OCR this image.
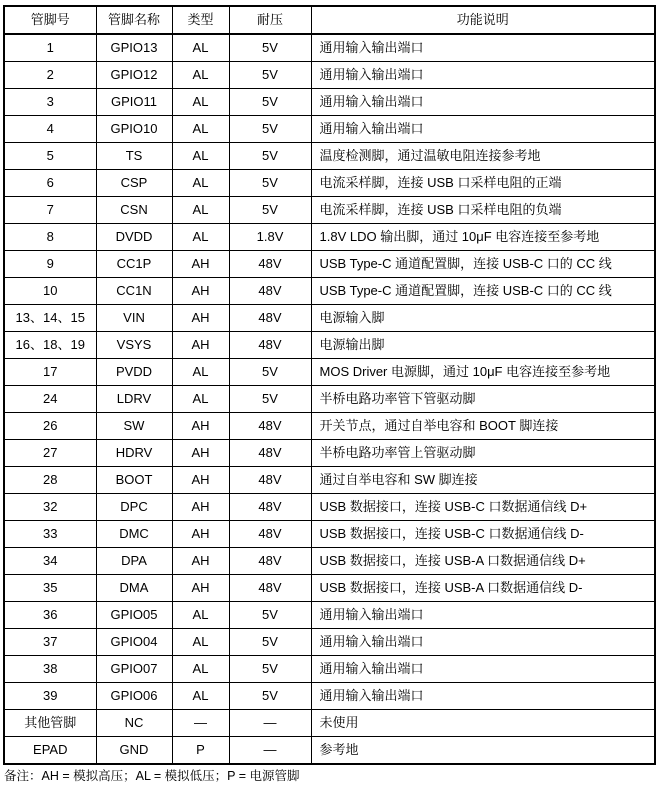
管脚号	管脚名称	类型	耐压	功能说明
1	GPIO13	AL	5V	通用输入输出端口
2	GPIO12	AL	5V	通用输入输出端口
3	GPIO11	AL	5V	通用输入输出端口
4	GPIO10	AL	5V	通用输入输出端口
5	TS	AL	5V	温度检测脚，通过温敏电阻连接参考地
6	CSP	AL	5V	电流采样脚，连接 USB 口采样电阻的正端
7	CSN	AL	5V	电流采样脚，连接 USB 口采样电阻的负端
8	DVDD	AL	1.8V	1.8V LDO 输出脚，通过 10μF 电容连接至参考地
9	CC1P	AH	48V	USB Type-C 通道配置脚，连接 USB-C 口的 CC 线
10	CC1N	AH	48V	USB Type-C 通道配置脚，连接 USB-C 口的 CC 线
13、14、15	VIN	AH	48V	电源输入脚
16、18、19	VSYS	AH	48V	电源输出脚
17	PVDD	AL	5V	MOS Driver 电源脚，通过 10μF 电容连接至参考地
24	LDRV	AL	5V	半桥电路功率管下管驱动脚
26	SW	AH	48V	开关节点，通过自举电容和 BOOT 脚连接
27	HDRV	AH	48V	半桥电路功率管上管驱动脚
28	BOOT	AH	48V	通过自举电容和 SW 脚连接
32	DPC	AH	48V	USB 数据接口，连接 USB-C 口数据通信线 D+
33	DMC	AH	48V	USB 数据接口，连接 USB-C 口数据通信线 D-
34	DPA	AH	48V	USB 数据接口，连接 USB-A 口数据通信线 D+
35	DMA	AH	48V	USB 数据接口，连接 USB-A 口数据通信线 D-
36	GPIO05	AL	5V	通用输入输出端口
37	GPIO04	AL	5V	通用输入输出端口
38	GPIO07	AL	5V	通用输入输出端口
39	GPIO06	AL	5V	通用输入输出端口
其他管脚	NC	—	—	未使用
EPAD	GND	P	—	参考地
备注：AH = 模拟高压；AL = 模拟低压；P = 电源管脚
